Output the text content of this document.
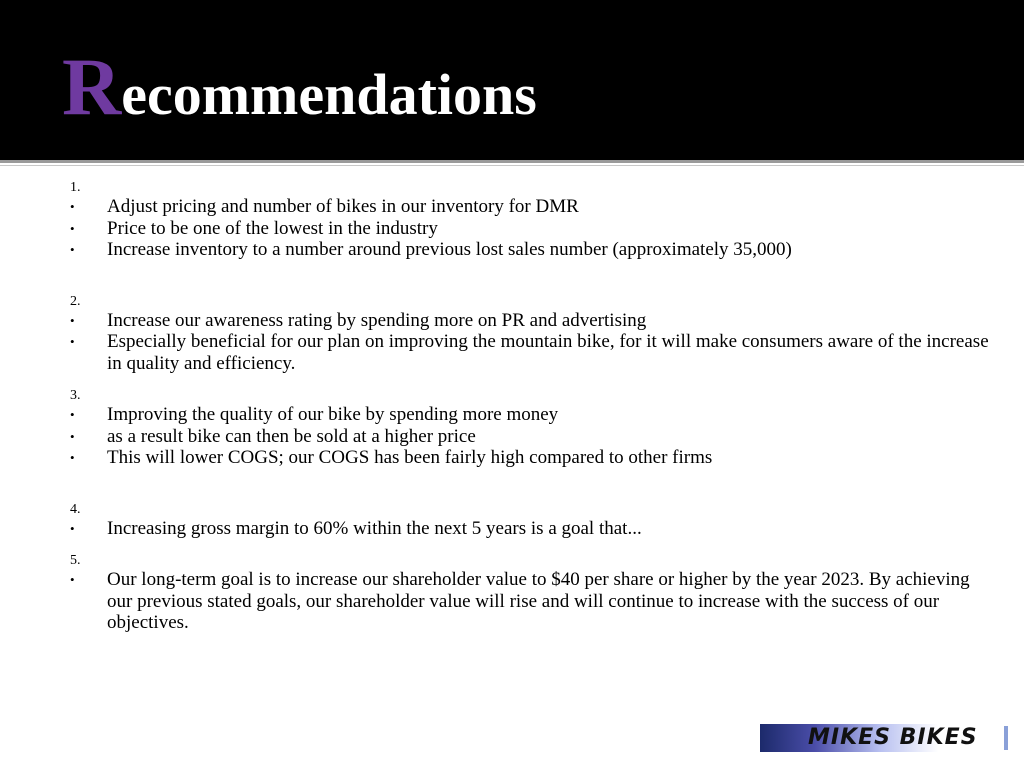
Recommendations
1.
• Adjust pricing and number of bikes in our inventory for DMR
• Price to be one of the lowest in the industry
• Increase inventory to a number around previous lost sales number (approximately 35,000)
2.
• Increase our awareness rating by spending more on PR and advertising
• Especially beneficial for our plan on improving the mountain bike, for it will make consumers aware of the increase in quality and efficiency.
3.
• Improving the quality of our bike by spending more money
• as a result bike can then be sold at a higher price
• This will lower COGS; our COGS has been fairly high compared to other firms
4.
• Increasing gross margin to 60% within the next 5 years is a goal that...
5.
• Our long-term goal is to increase our shareholder value to $40 per share or higher by the year 2023. By achieving our previous stated goals, our shareholder value will rise and will continue to increase with the success of our objectives.
MIKES BIKES
